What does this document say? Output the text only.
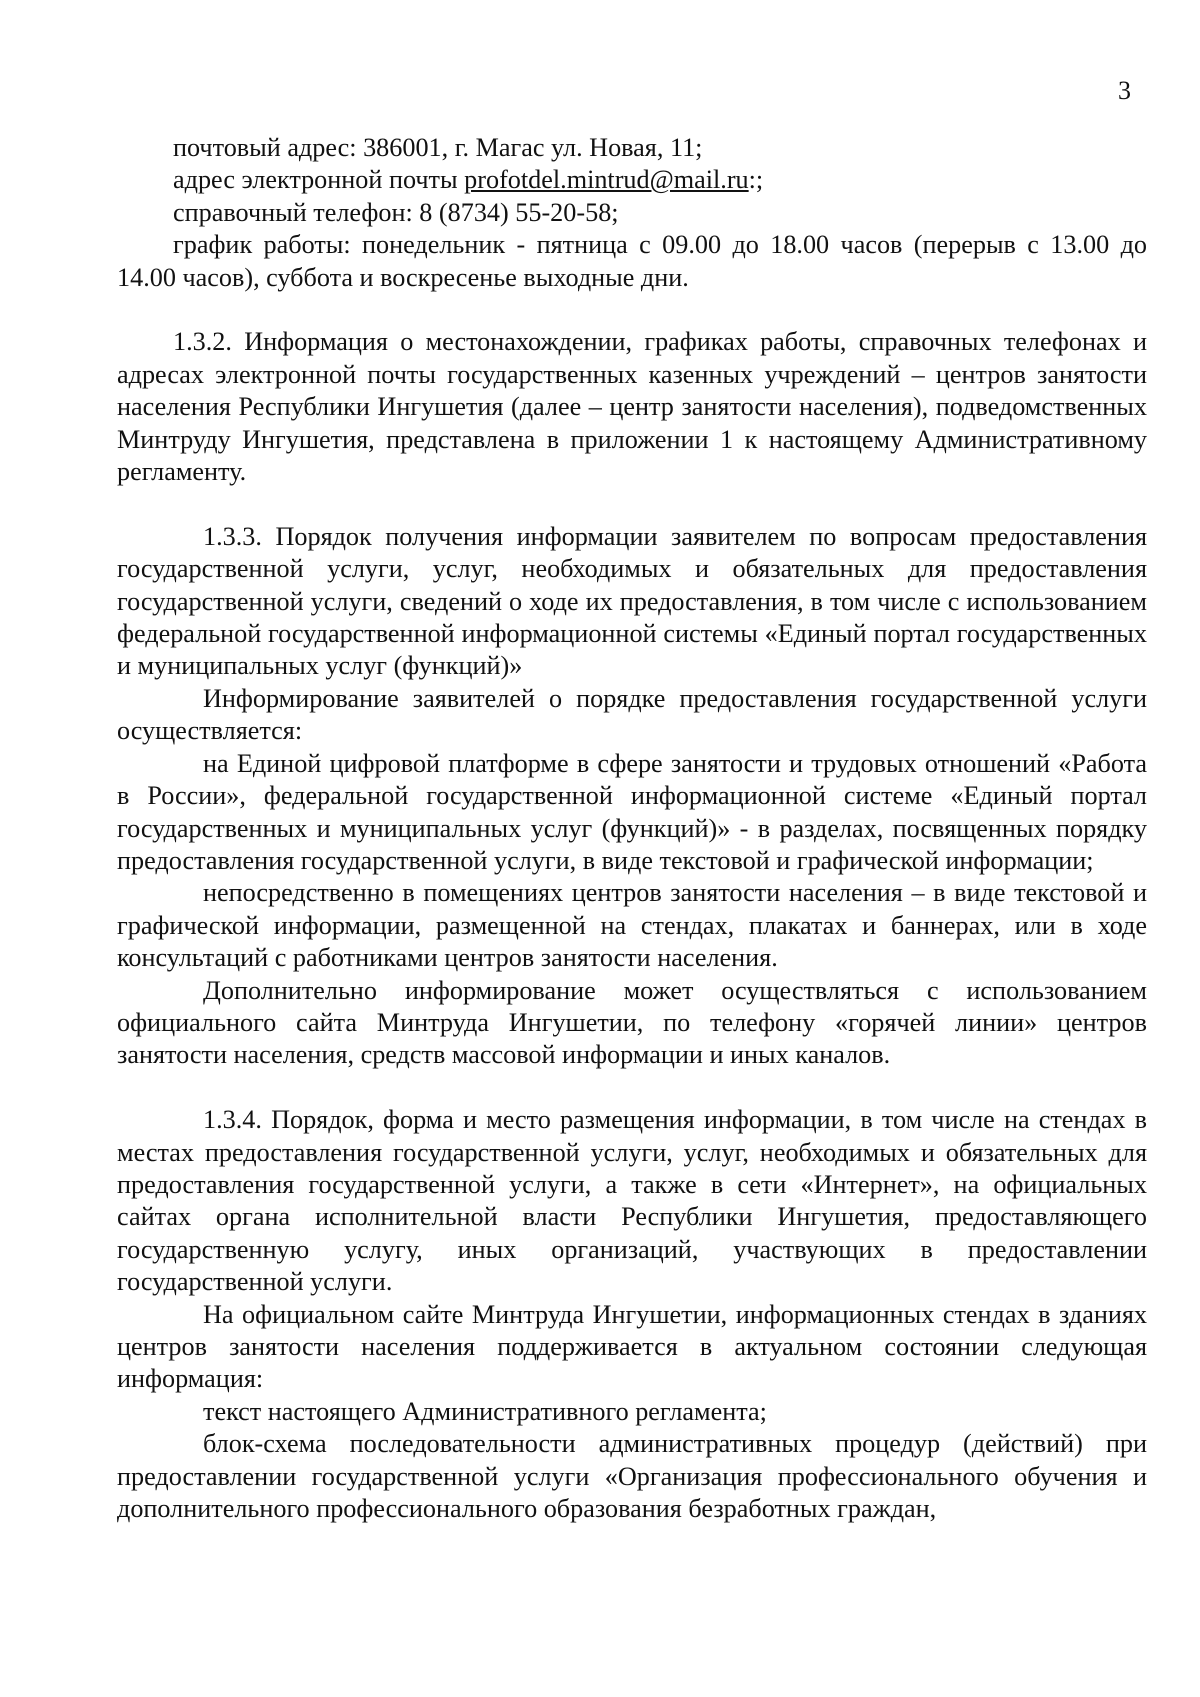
3

почтовый адрес: 386001, г. Магас ул. Новая, 11;

адрес электронной почты profotdel.mintrud@mail.ru:;

справочный телефон: 8 (8734) 55-20-58;

график работы: понедельник - пятница с 09.00 до 18.00 часов (перерыв с 13.00 до 14.00 часов), суббота и воскресенье выходные дни.

1.3.2. Информация о местонахождении, графиках работы, справочных телефонах и адресах электронной почты государственных казенных учреждений – центров занятости населения Республики Ингушетия (далее – центр занятости населения), подведомственных Минтруду Ингушетия, представлена в приложении 1 к настоящему Административному регламенту.

1.3.3. Порядок получения информации заявителем по вопросам предоставления государственной услуги, услуг, необходимых и обязательных для предоставления государственной услуги, сведений о ходе их предоставления, в том числе с использованием федеральной государственной информационной системы «Единый портал государственных и муниципальных услуг (функций)»

Информирование заявителей о порядке предоставления государственной услуги осуществляется:

на Единой цифровой платформе в сфере занятости и трудовых отношений «Работа в России», федеральной государственной информационной системе «Единый портал государственных и муниципальных услуг (функций)» - в разделах, посвященных порядку предоставления государственной услуги, в виде текстовой и графической информации;

непосредственно в помещениях центров занятости населения – в виде текстовой и графической информации, размещенной на стендах, плакатах и баннерах, или в ходе консультаций с работниками центров занятости населения.

Дополнительно информирование может осуществляться с использованием официального сайта Минтруда Ингушетии, по телефону «горячей линии» центров занятости населения, средств массовой информации и иных каналов.

1.3.4. Порядок, форма и место размещения информации, в том числе на стендах в местах предоставления государственной услуги, услуг, необходимых и обязательных для предоставления государственной услуги, а также в сети «Интернет», на официальных сайтах органа исполнительной власти Республики Ингушетия, предоставляющего государственную услугу, иных организаций, участвующих в предоставлении государственной услуги.

На официальном сайте Минтруда Ингушетии, информационных стендах в зданиях центров занятости населения поддерживается в актуальном состоянии следующая информация:

текст настоящего Административного регламента;

блок-схема последовательности административных процедур (действий) при предоставлении государственной услуги «Организация профессионального обучения и дополнительного профессионального образования безработных граждан,
